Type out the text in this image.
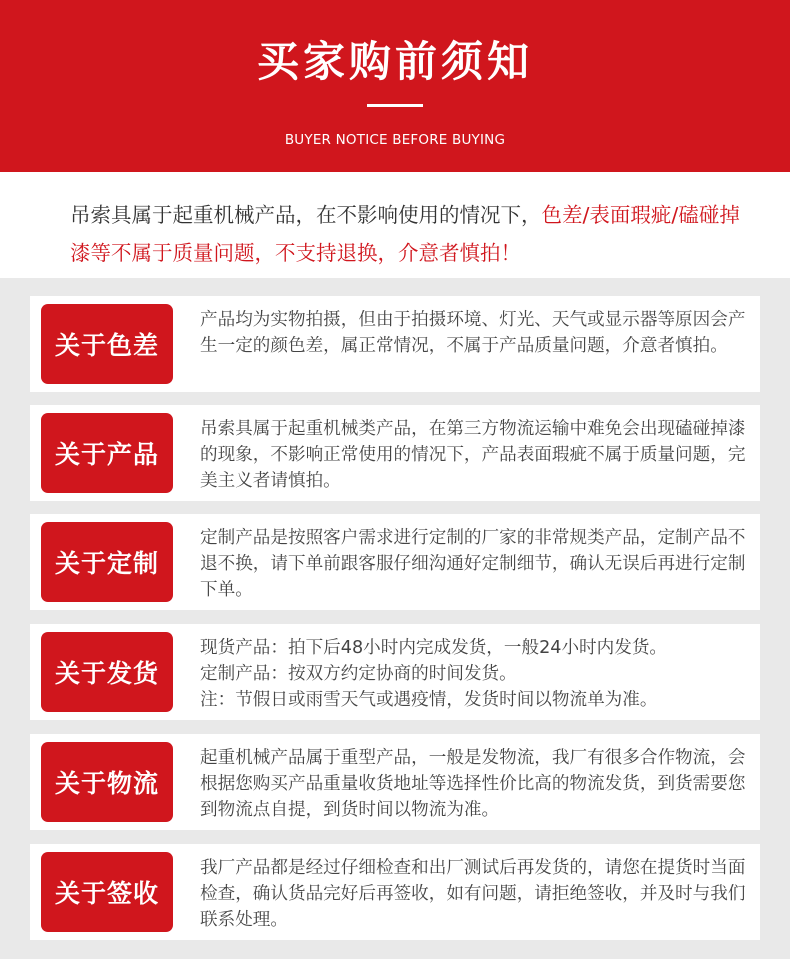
买家购前须知
BUYER NOTICE BEFORE BUYING

吊索具属于起重机械产品，在不影响使用的情况下，色差/表面瑕疵/磕碰掉漆等不属于质量问题，不支持退换，介意者慎拍！

关于色差

产品均为实物拍摄，但由于拍摄环境、灯光、天气或显示器等原因会产生一定的颜色差，属正常情况，不属于产品质量问题，介意者慎拍。

关于产品

吊索具属于起重机械类产品，在第三方物流运输中难免会出现磕碰掉漆的现象，不影响正常使用的情况下，产品表面瑕疵不属于质量问题，完美主义者请慎拍。

关于定制

定制产品是按照客户需求进行定制的厂家的非常规类产品，定制产品不退不换，请下单前跟客服仔细沟通好定制细节，确认无误后再进行定制下单。

关于发货
现货产品：拍下后48小时内完成发货，一般24小时内发货。
定制产品：按双方约定协商的时间发货。
注：节假日或雨雪天气或遇疫情，发货时间以物流单为准。
关于物流

起重机械产品属于重型产品，一般是发物流，我厂有很多合作物流，会根据您购买产品重量收货地址等选择性价比高的物流发货，到货需要您到物流点自提，到货时间以物流为准。

关于签收

我厂产品都是经过仔细检查和出厂测试后再发货的，请您在提货时当面检查，确认货品完好后再签收，如有问题，请拒绝签收，并及时与我们联系处理。
